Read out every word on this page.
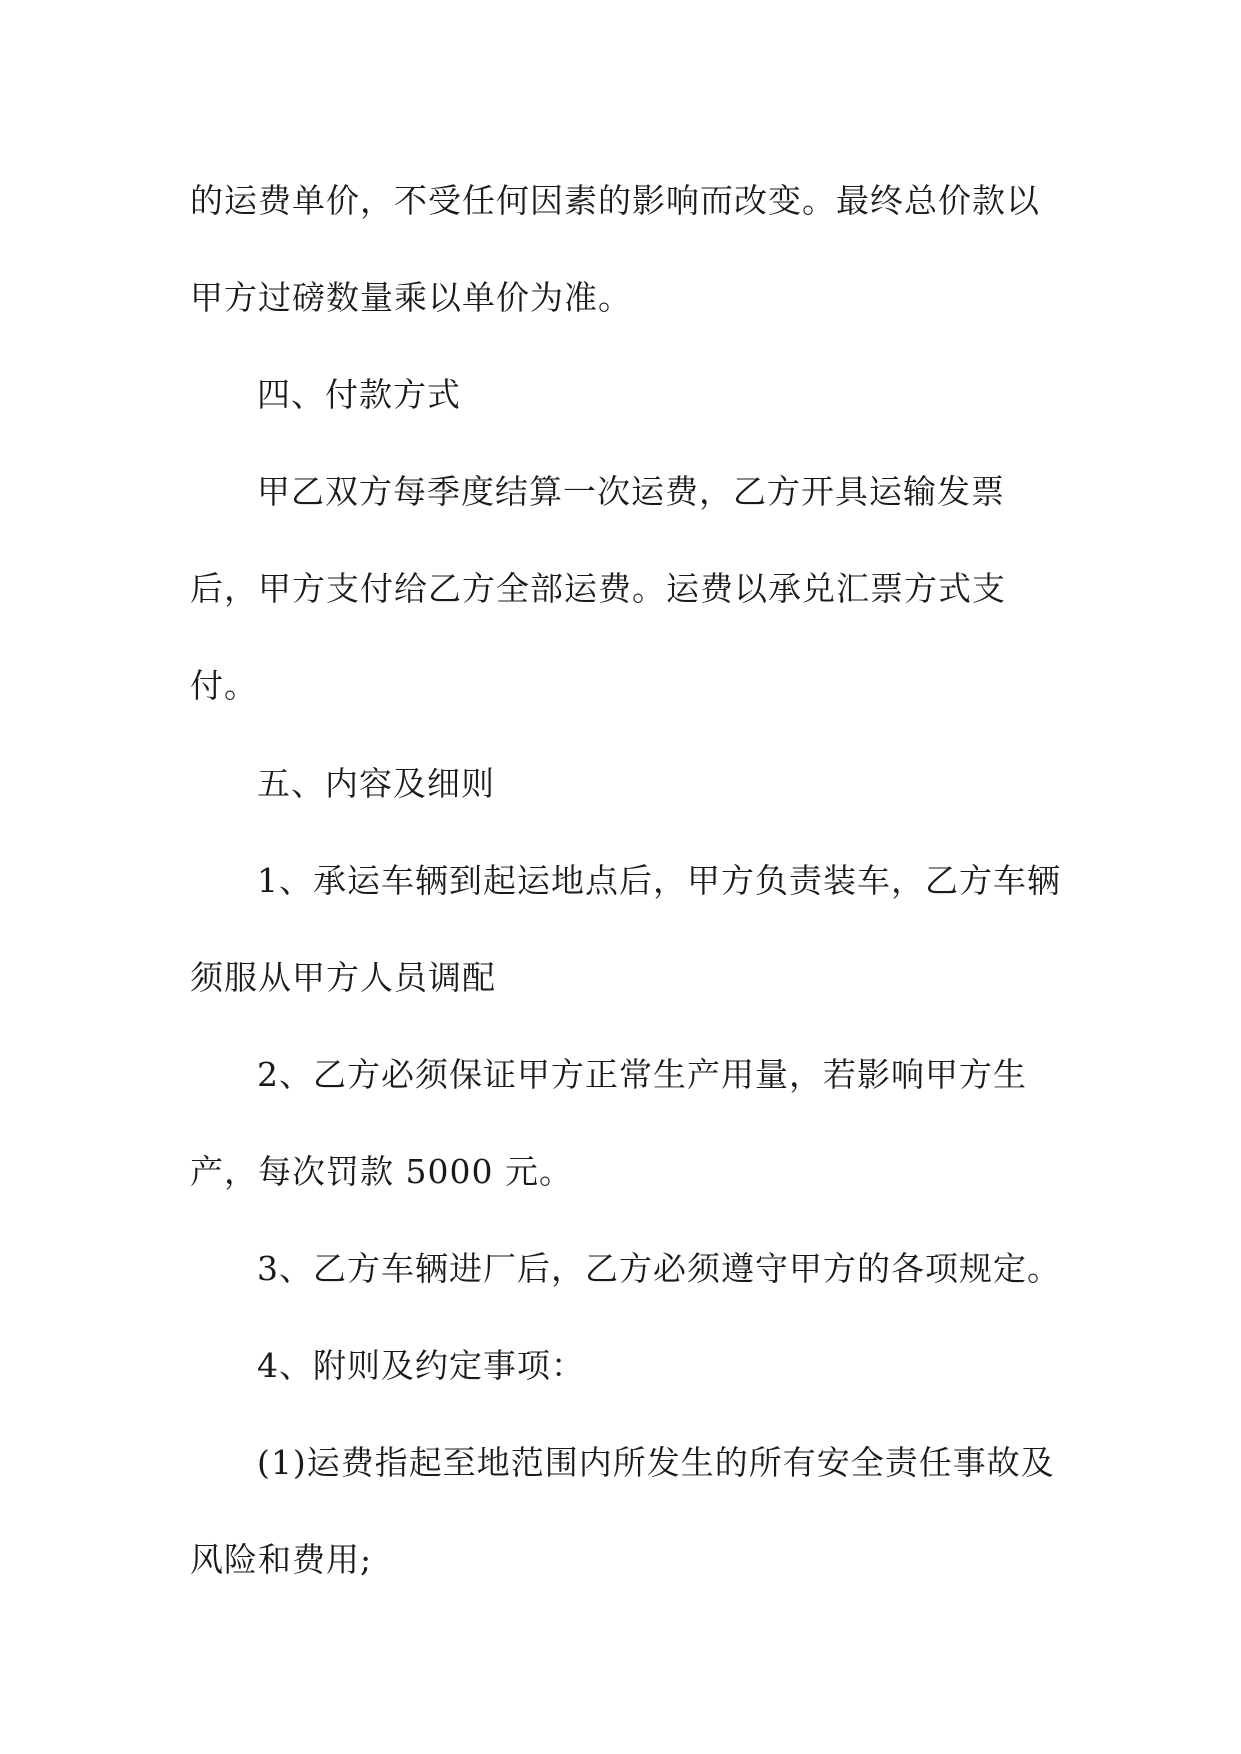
的运费单价，不受任何因素的影响而改变。最终总价款以
甲方过磅数量乘以单价为准。
四、付款方式
甲乙双方每季度结算一次运费，乙方开具运输发票
后，甲方支付给乙方全部运费。运费以承兑汇票方式支
付。
五、内容及细则
1、承运车辆到起运地点后，甲方负责装车，乙方车辆
须服从甲方人员调配
2、乙方必须保证甲方正常生产用量，若影响甲方生
产，每次罚款 5000 元。
3、乙方车辆进厂后，乙方必须遵守甲方的各项规定。
4、附则及约定事项：
(1)运费指起至地范围内所发生的所有安全责任事故及
风险和费用;
